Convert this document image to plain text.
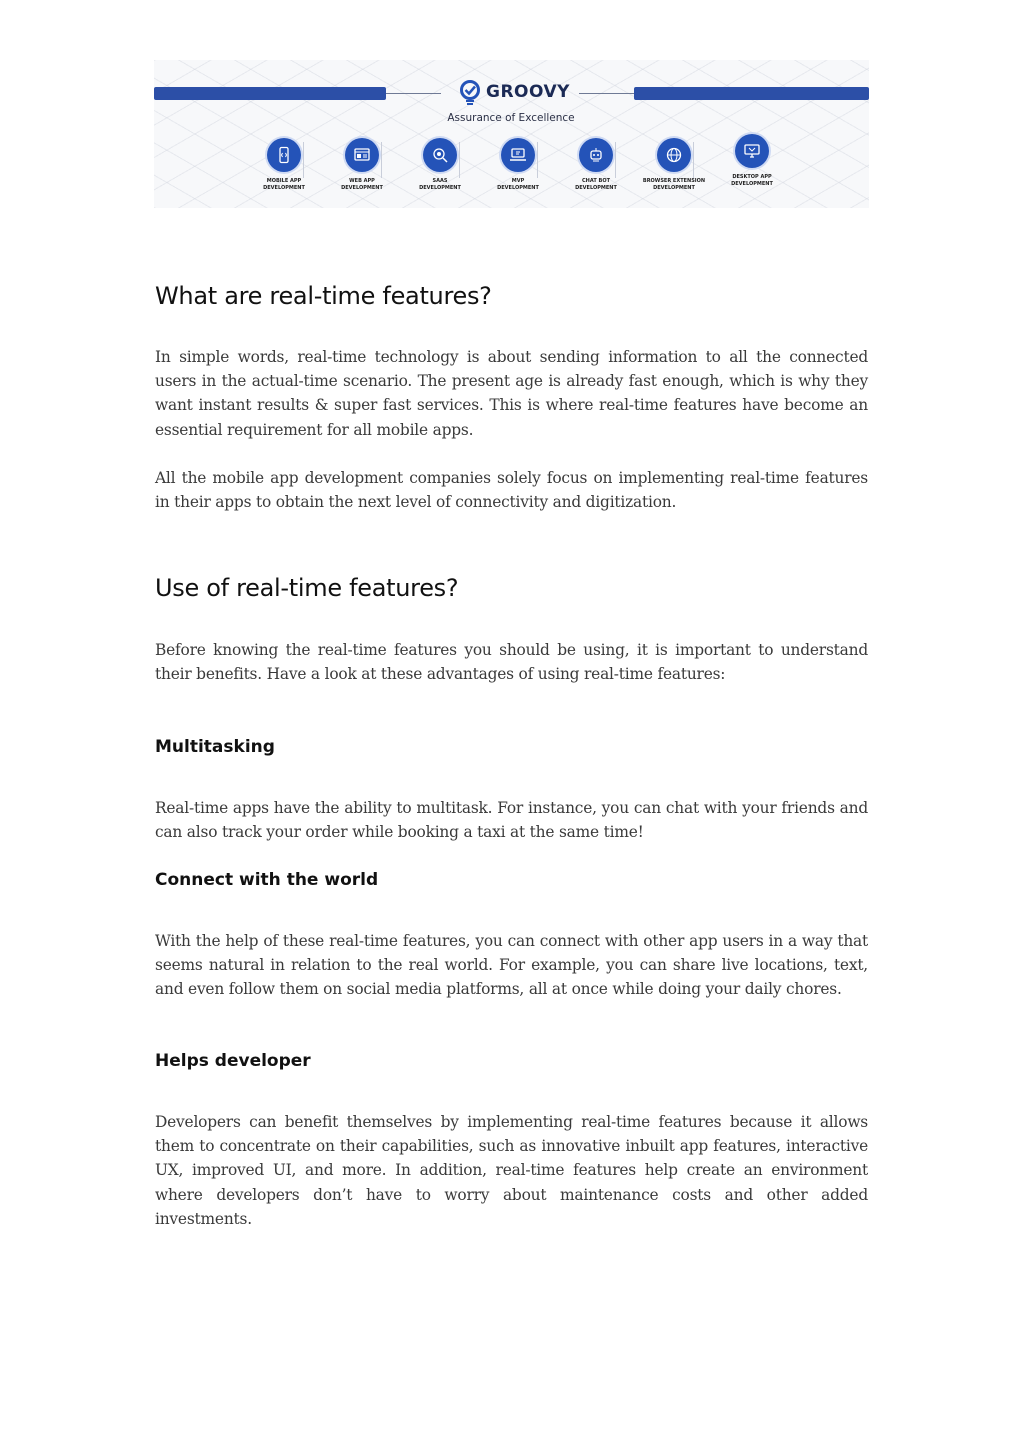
GROOVY
Assurance of Excellence
MOBILE APP
DEVELOPMENT
WEB APP
DEVELOPMENT
SAAS
DEVELOPMENT
MVP
DEVELOPMENT
CHAT BOT
DEVELOPMENT
BROWSER EXTENSION
DEVELOPMENT
DESKTOP APP
DEVELOPMENT
What are real-time features?

In simple words, real-time technology is about sending information to all the connected users in the actual-time scenario. The present age is already fast enough, which is why they want instant results & super fast services. This is where real-time features have become an essential requirement for all mobile apps.

All the mobile app development companies solely focus on implementing real-time features in their apps to obtain the next level of connectivity and digitization.

Use of real-time features?

Before knowing the real-time features you should be using, it is important to understand their benefits. Have a look at these advantages of using real-time features:

Multitasking

Real-time apps have the ability to multitask. For instance, you can chat with your friends and can also track your order while booking a taxi at the same time!

Connect with the world

With the help of these real-time features, you can connect with other app users in a way that seems natural in relation to the real world. For example, you can share live locations, text, and even follow them on social media platforms, all at once while doing your daily chores.

Helps developer

Developers can benefit themselves by implementing real-time features because it allows them to concentrate on their capabilities, such as innovative inbuilt app features, interactive UX, improved UI, and more. In addition, real-time features help create an environment where developers don’t have to worry about maintenance costs and other added investments.
